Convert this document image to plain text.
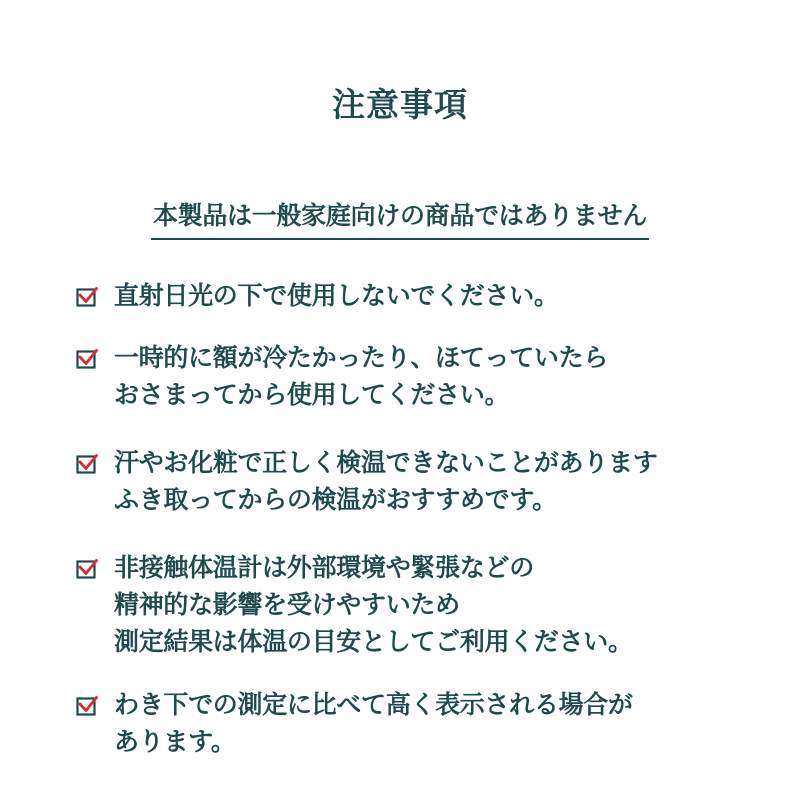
注意事項
本製品は一般家庭向けの商品ではありません
直射日光の下で使用しないでください。
一時的に額が冷たかったり、ほてっていたら
おさまってから使用してください。
汗やお化粧で正しく検温できないことがあります
ふき取ってからの検温がおすすめです。
非接触体温計は外部環境や緊張などの
精神的な影響を受けやすいため
測定結果は体温の目安としてご利用ください。
わき下での測定に比べて高く表示される場合が
あります。
